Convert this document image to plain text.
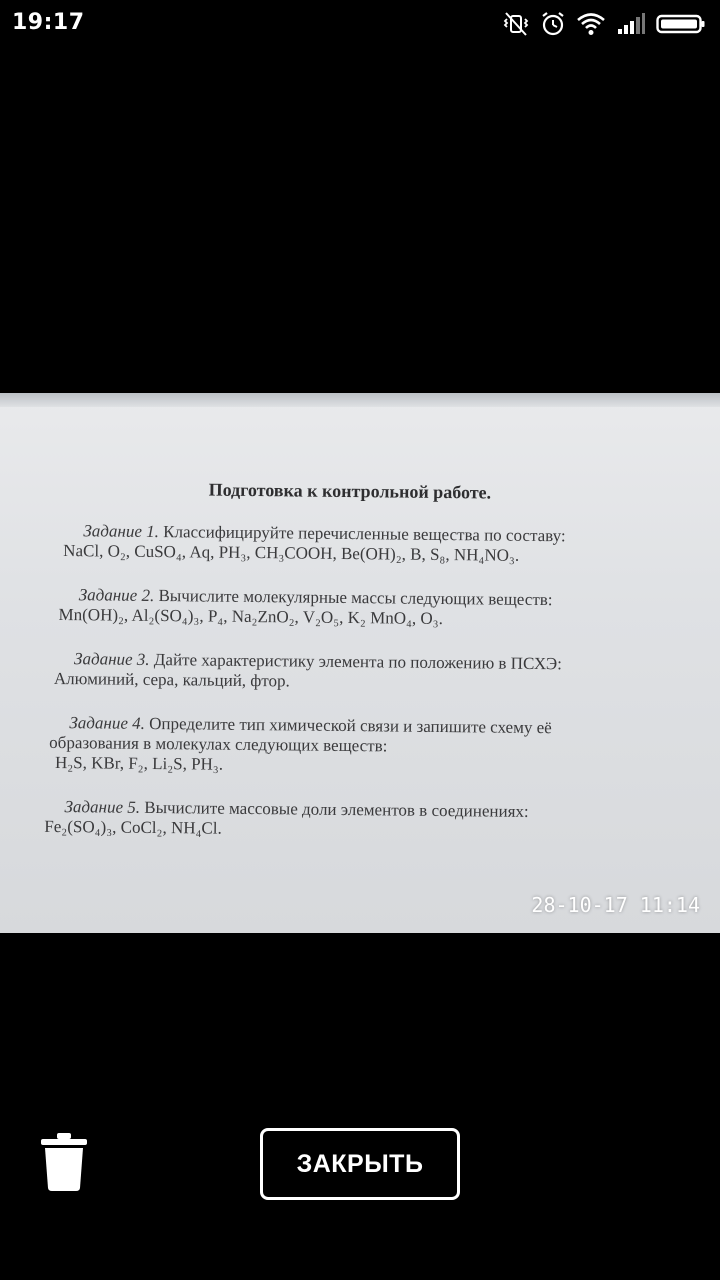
19:17
Подготовка к контрольной работе.
Задание 1. Классифицируйте перечисленные вещества по составу:
NaCl, O₂, CuSO₄, Aq, PH₃, CH₃COOH, Be(OH)₂, B, S₈, NH₄NO₃.
Задание 2. Вычислите молекулярные массы следующих веществ:
Mn(OH)₂, Al₂(SO₄)₃, P₄, Na₂ZnO₂, V₂O₅, K₂ MnO₄, O₃.
Задание 3. Дайте характеристику элемента по положению в ПСХЭ:
Алюминий, сера, кальций, фтор.
Задание 4. Определите тип химической связи и запишите схему её
образования в молекулах следующих веществ:
H₂S, KBr, F₂, Li₂S, PH₃.
Задание 5. Вычислите массовые доли элементов в соединениях:
Fe₂(SO₄)₃, CoCl₂, NH₄Cl.
28-10-17 11:14
ЗАКРЫТЬ
